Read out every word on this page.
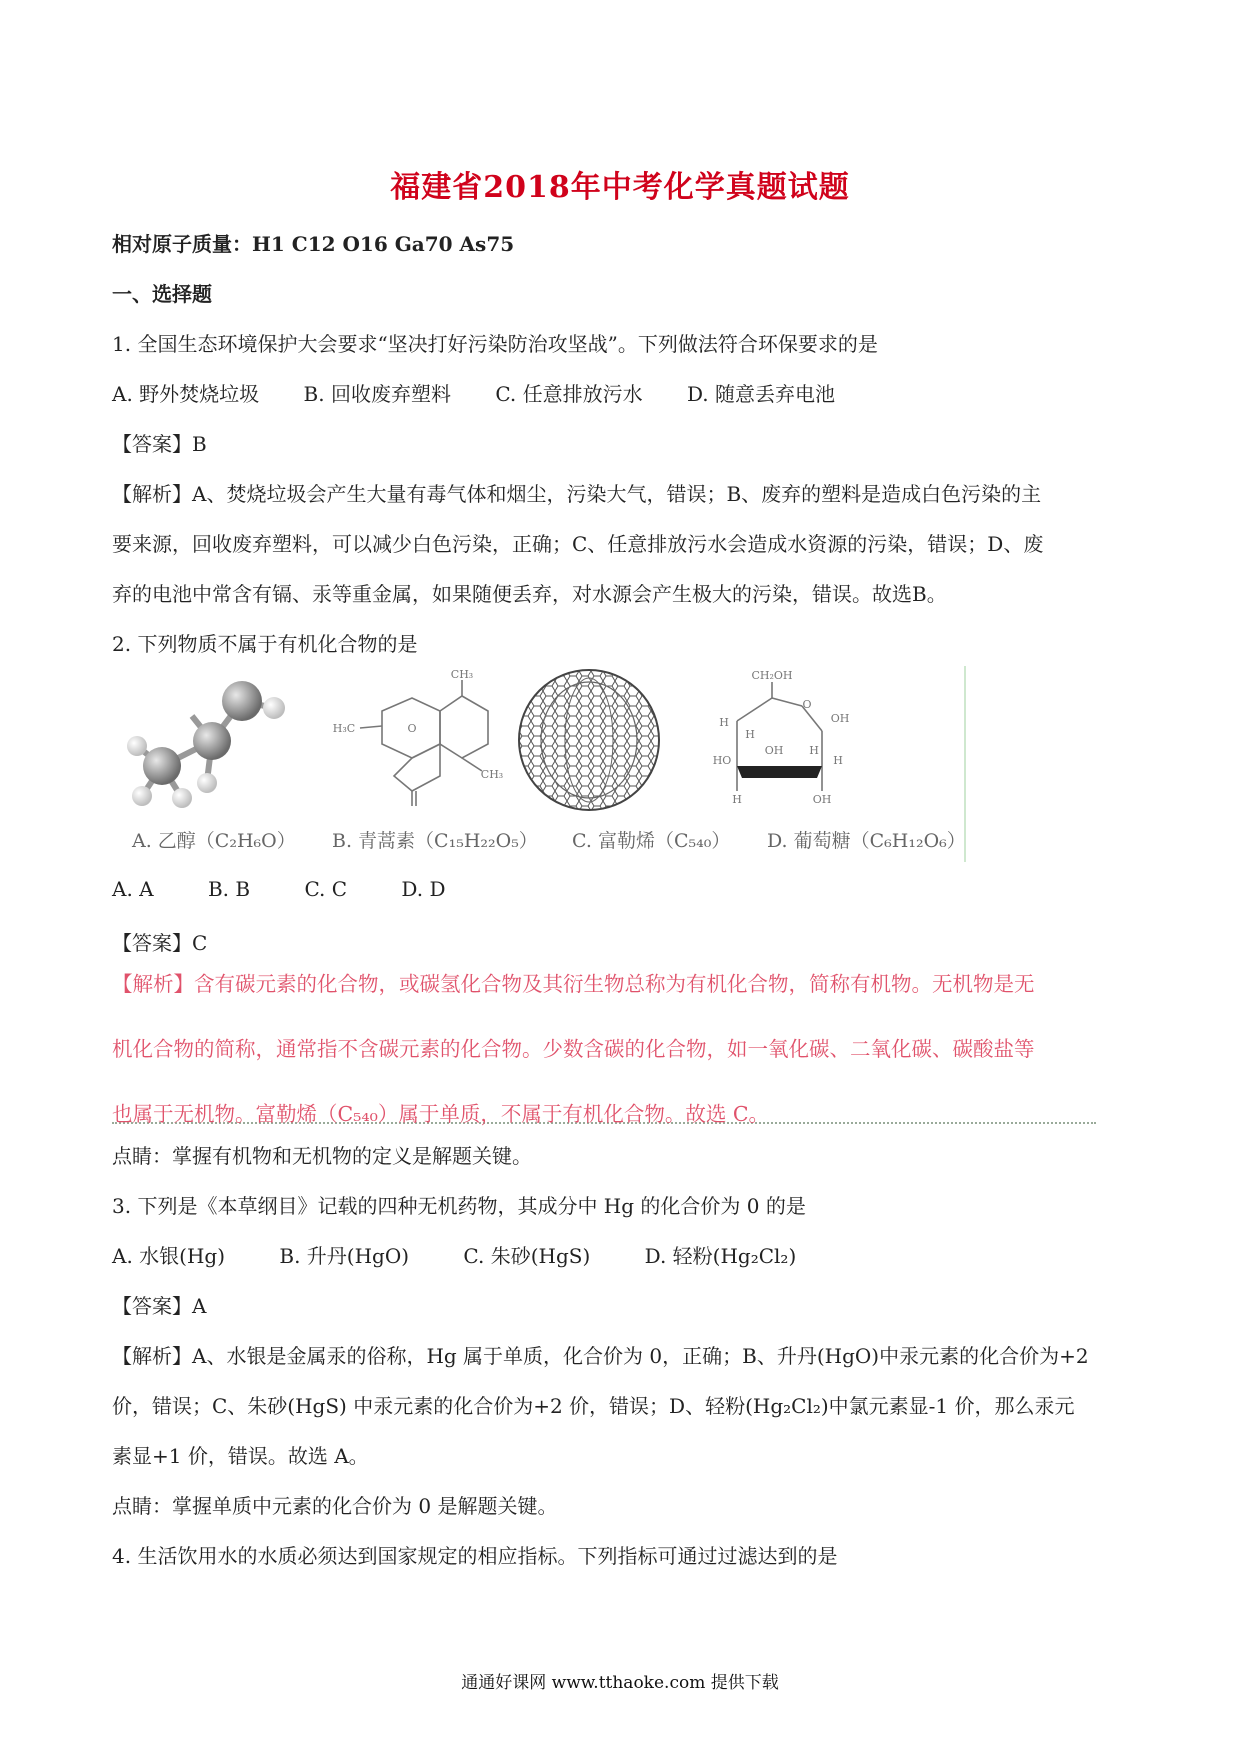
福建省2018年中考化学真题试题
相对原子质量：H1 C12 O16 Ga70 As75
一、选择题
1. 全国生态环境保护大会要求“坚决打好污染防治攻坚战”。下列做法符合环保要求的是
A. 野外焚烧垃圾 B. 回收废弃塑料 C. 任意排放污水 D. 随意丢弃电池
【答案】B
【解析】A、焚烧垃圾会产生大量有毒气体和烟尘，污染大气，错误；B、废弃的塑料是造成白色污染的主
要来源，回收废弃塑料，可以减少白色污染，正确；C、任意排放污水会造成水资源的污染，错误；D、废
弃的电池中常含有镉、汞等重金属，如果随便丢弃，对水源会产生极大的污染，错误。故选B。
2. 下列物质不属于有机化合物的是
CH₃
H₃C	O
CH₃
CH₂OH
O
OH
H
H
OH
HO
H
H
H	OH
A. 乙醇（C₂H₆O） B. 青蒿素（C₁₅H₂₂O₅） C. 富勒烯（C₅₄₀） D. 葡萄糖（C₆H₁₂O₆）
A. A	B. B	C. C	D. D
【答案】C
【解析】含有碳元素的化合物，或碳氢化合物及其衍生物总称为有机化合物，简称有机物。无机物是无
机化合物的简称，通常指不含碳元素的化合物。少数含碳的化合物，如一氧化碳、二氧化碳、碳酸盐等
也属于无机物。富勒烯（C₅₄₀）属于单质，不属于有机化合物。故选 C。
点睛：掌握有机物和无机物的定义是解题关键。
3. 下列是《本草纲目》记载的四种无机药物，其成分中 Hg 的化合价为 0 的是
A. 水银(Hg)	B. 升丹(HgO)	C. 朱砂(HgS)	D. 轻粉(Hg₂Cl₂)
【答案】A
【解析】A、水银是金属汞的俗称，Hg 属于单质，化合价为 0，正确；B、升丹(HgO)中汞元素的化合价为+2
价，错误；C、朱砂(HgS) 中汞元素的化合价为+2 价，错误；D、轻粉(Hg₂Cl₂)中氯元素显-1 价，那么汞元
素显+1 价，错误。故选 A。
点睛：掌握单质中元素的化合价为 0 是解题关键。
4. 生活饮用水的水质必须达到国家规定的相应指标。下列指标可通过过滤达到的是
通通好课网 www.tthaoke.com 提供下载
